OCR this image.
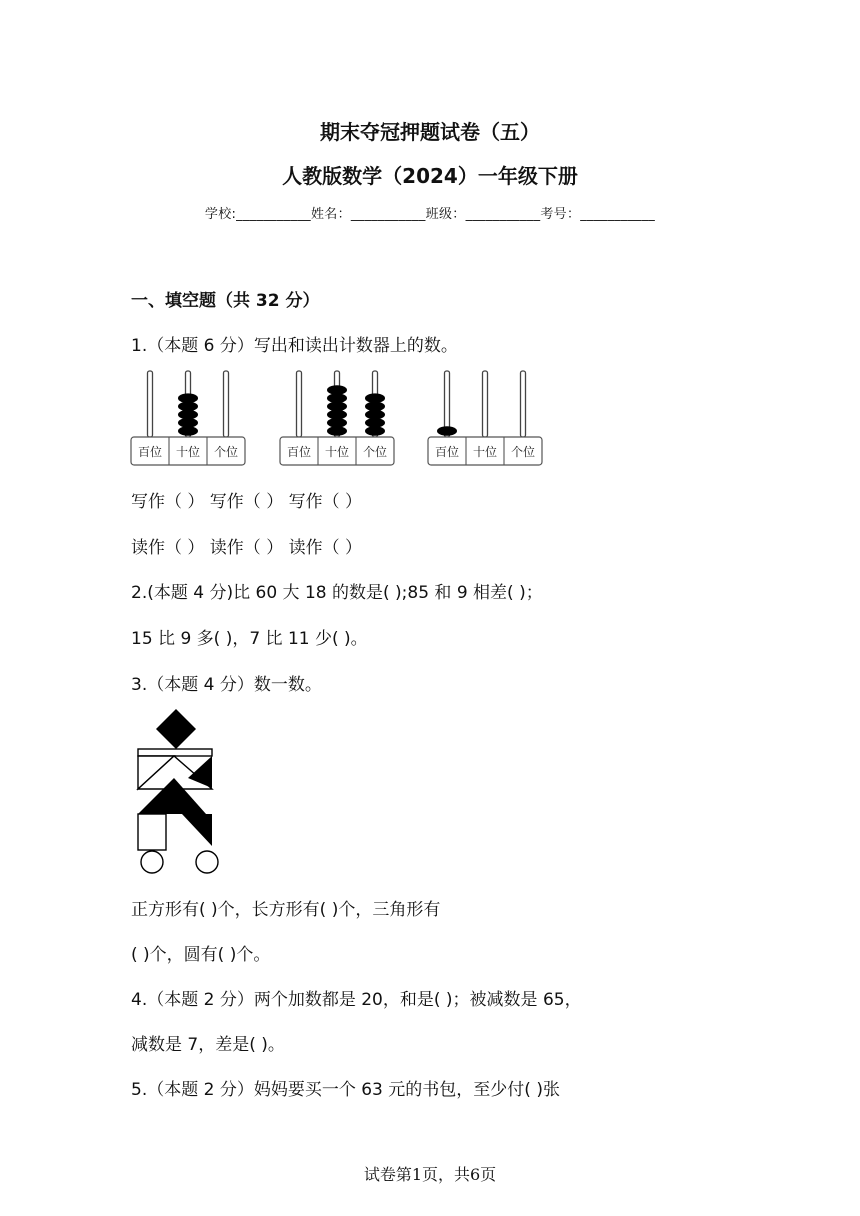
期末夺冠押题试卷（五）
人教版数学（2024）一年级下册
学校:___________姓名：___________班级：___________考号：___________
一、填空题（共 32 分）
1.（本题 6 分）写出和读出计数器上的数。
百位 十位 个位	百位 十位 个位	百位 十位 个位
写作（ ） 写作（ ） 写作（ ）
读作（ ） 读作（ ） 读作（ ）
2.(本题 4 分)比 60 大 18 的数是( );85 和 9 相差( )；
15 比 9 多( )，7 比 11 少( )。
3.（本题 4 分）数一数。
正方形有( )个，长方形有( )个，三角形有
( )个，圆有( )个。
4.（本题 2 分）两个加数都是 20，和是( )；被减数是 65，
减数是 7，差是( )。
5.（本题 2 分）妈妈要买一个 63 元的书包，至少付( )张
试卷第1页，共6页
